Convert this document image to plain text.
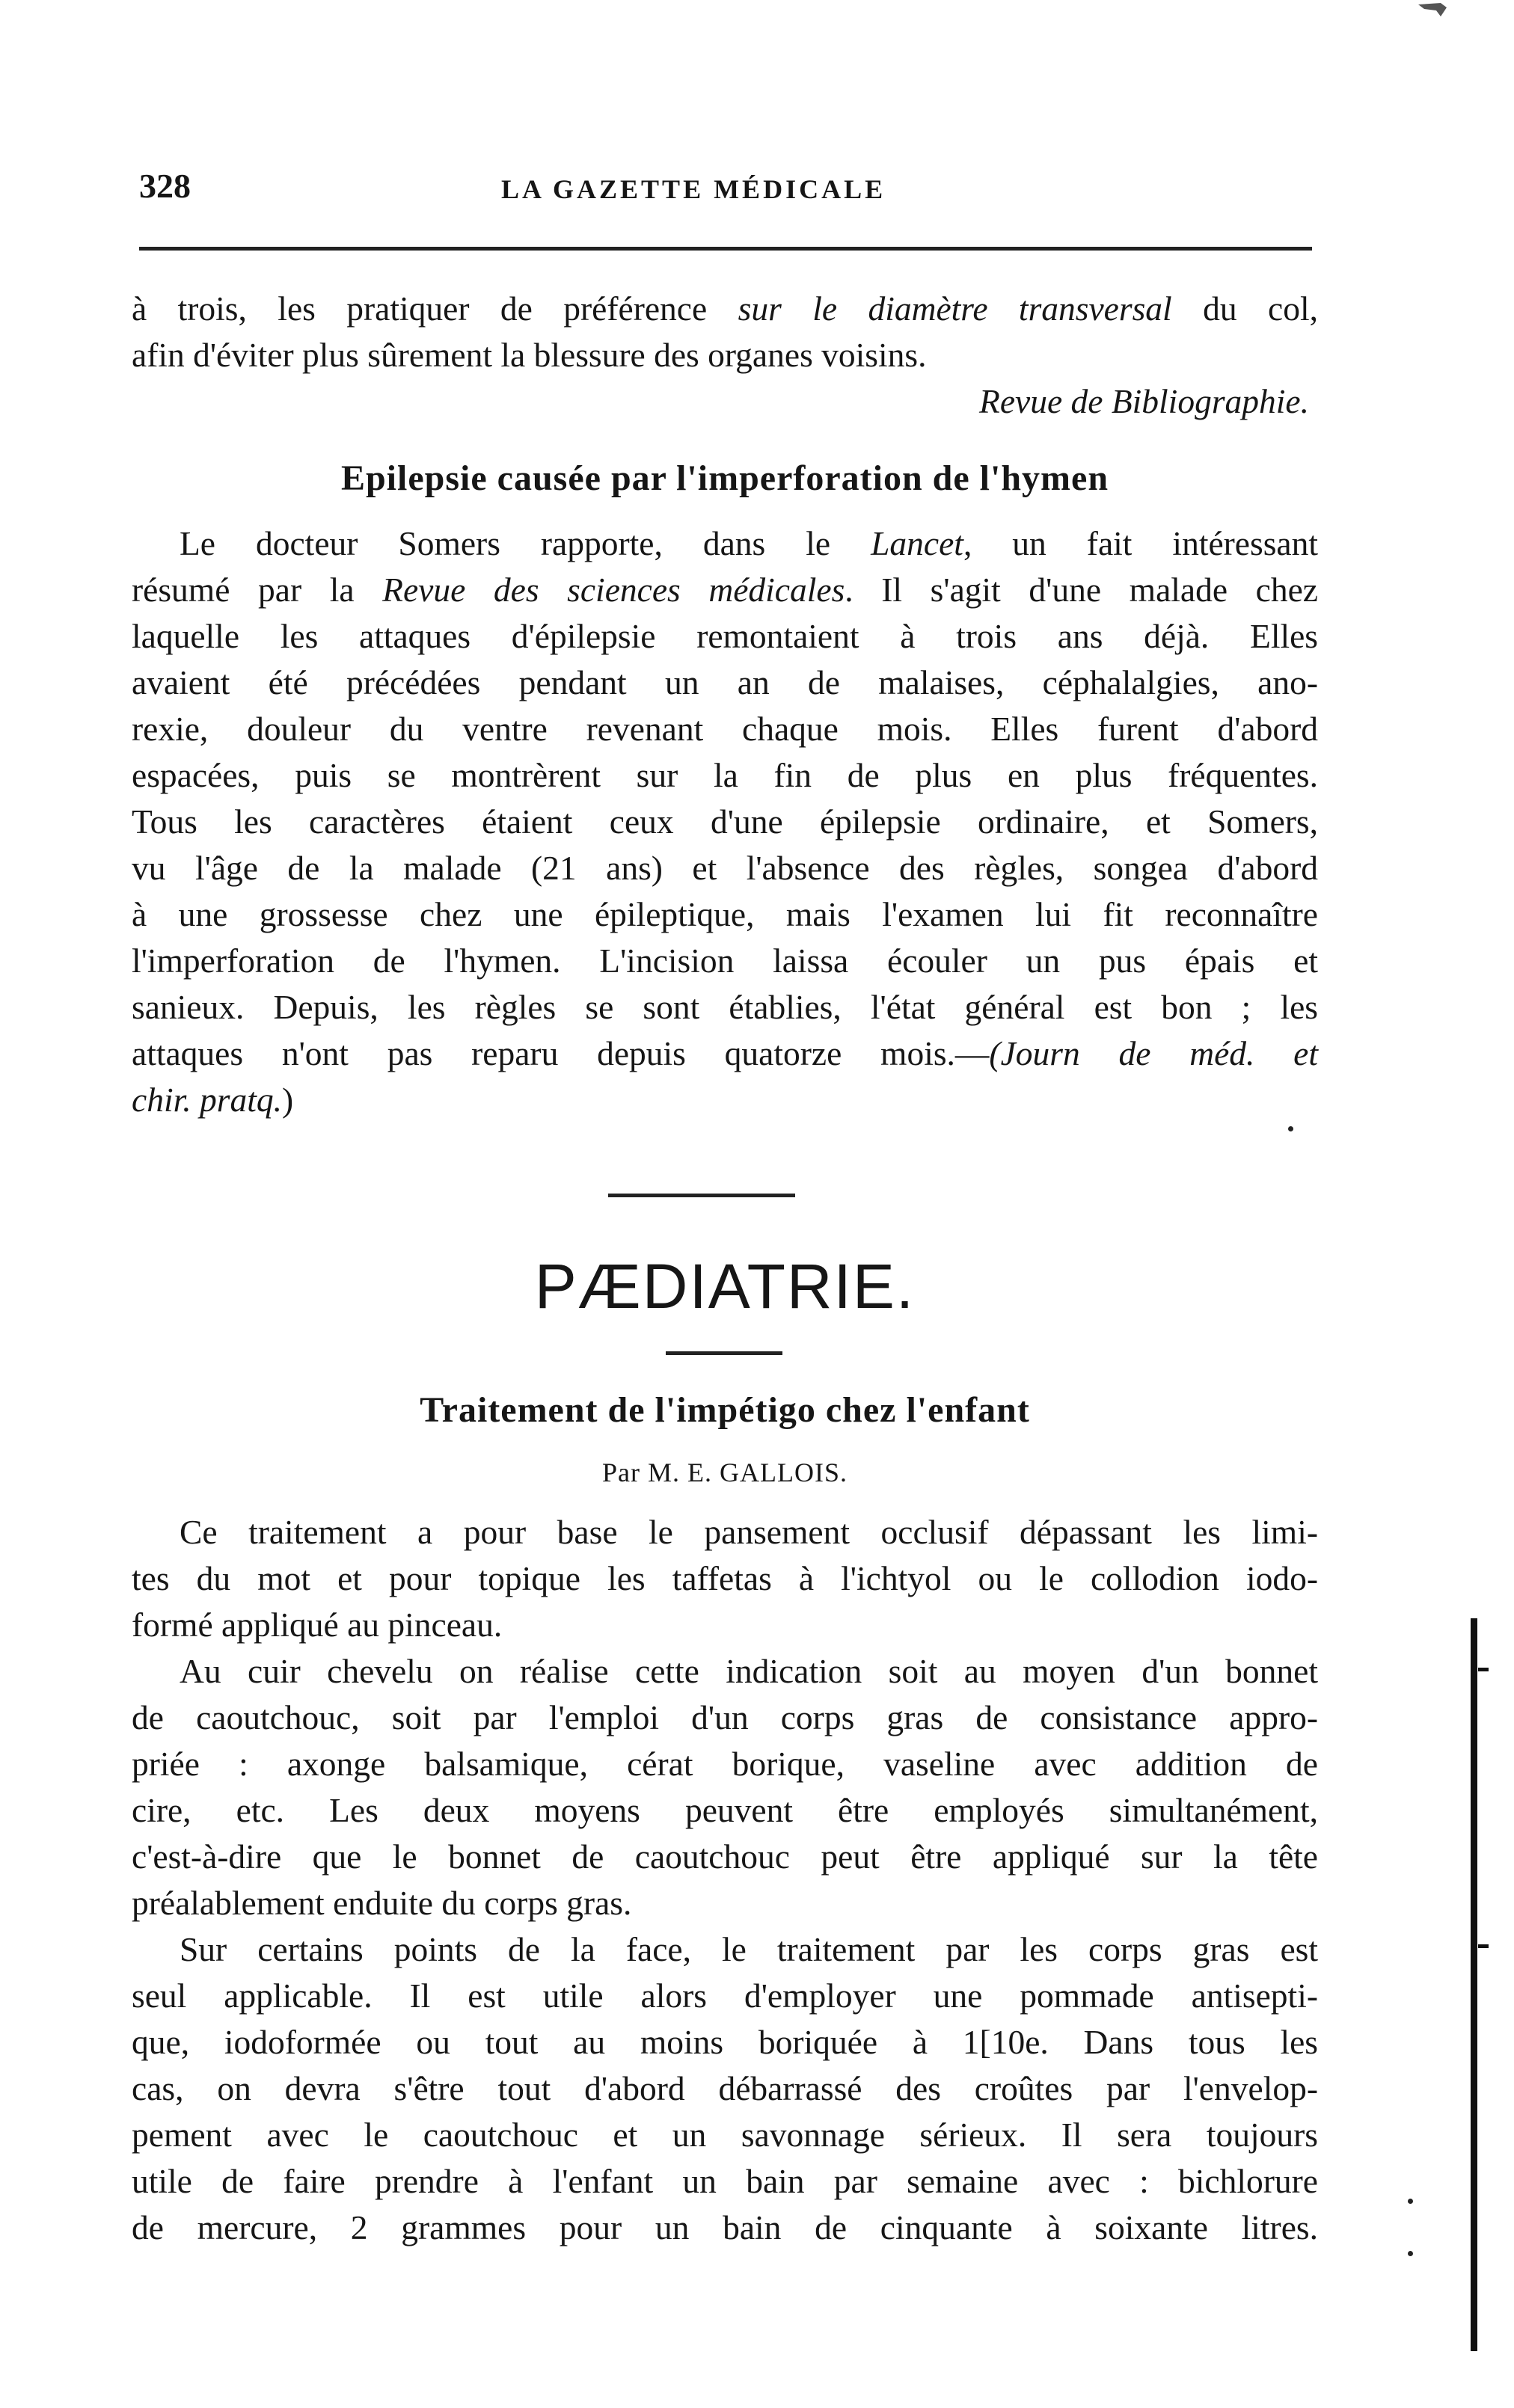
328	LA GAZETTE MÉDICALE
à trois, les pratiquer de préférence sur le diamètre transversal du col,
afin d'éviter plus sûrement la blessure des organes voisins.
Revue de Bibliographie.
Epilepsie causée par l'imperforation de l'hymen
Le docteur Somers rapporte, dans le Lancet, un fait intéressant
résumé par la Revue des sciences médicales. Il s'agit d'une malade chez
laquelle les attaques d'épilepsie remontaient à trois ans déjà. Elles
avaient été précédées pendant un an de malaises, céphalalgies, ano-
rexie, douleur du ventre revenant chaque mois. Elles furent d'abord
espacées, puis se montrèrent sur la fin de plus en plus fréquentes.
Tous les caractères étaient ceux d'une épilepsie ordinaire, et Somers,
vu l'âge de la malade (21 ans) et l'absence des règles, songea d'abord
à une grossesse chez une épileptique, mais l'examen lui fit reconnaître
l'imperforation de l'hymen. L'incision laissa écouler un pus épais et
sanieux. Depuis, les règles se sont établies, l'état général est bon ; les
attaques n'ont pas reparu depuis quatorze mois.—(Journ de méd. et
chir. pratq.)
PÆDIATRIE.
Traitement de l'impétigo chez l'enfant
Par M. E. GALLOIS.
Ce traitement a pour base le pansement occlusif dépassant les limi-
tes du mot et pour topique les taffetas à l'ichtyol ou le collodion iodo-
formé appliqué au pinceau.
Au cuir chevelu on réalise cette indication soit au moyen d'un bonnet
de caoutchouc, soit par l'emploi d'un corps gras de consistance appro-
priée : axonge balsamique, cérat borique, vaseline avec addition de
cire, etc. Les deux moyens peuvent être employés simultanément,
c'est-à-dire que le bonnet de caoutchouc peut être appliqué sur la tête
préalablement enduite du corps gras.
Sur certains points de la face, le traitement par les corps gras est
seul applicable. Il est utile alors d'employer une pommade antisepti-
que, iodoformée ou tout au moins boriquée à 1[10e. Dans tous les
cas, on devra s'être tout d'abord débarrassé des croûtes par l'envelop-
pement avec le caoutchouc et un savonnage sérieux. Il sera toujours
utile de faire prendre à l'enfant un bain par semaine avec : bichlorure
de mercure, 2 grammes pour un bain de cinquante à soixante litres.
